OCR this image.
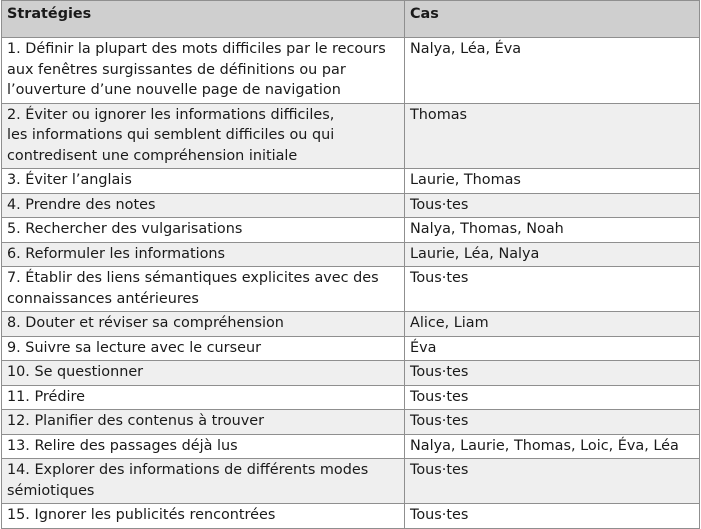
Stratégies	Cas
1. Définir la plupart des mots difficiles par le recours
aux fenêtres surgissantes de définitions ou par
l’ouverture d’une nouvelle page de navigation	Nalya, Léa, Éva
2. Éviter ou ignorer les informations difficiles,
les informations qui semblent difficiles ou qui
contredisent une compréhension initiale	Thomas
3. Éviter l’anglais	Laurie, Thomas
4. Prendre des notes	Tous·tes
5. Rechercher des vulgarisations	Nalya, Thomas, Noah
6. Reformuler les informations	Laurie, Léa, Nalya
7. Établir des liens sémantiques explicites avec des
connaissances antérieures	Tous·tes
8. Douter et réviser sa compréhension	Alice, Liam
9. Suivre sa lecture avec le curseur	Éva
10. Se questionner	Tous·tes
11. Prédire	Tous·tes
12. Planifier des contenus à trouver	Tous·tes
13. Relire des passages déjà lus	Nalya, Laurie, Thomas, Loic, Éva, Léa
14. Explorer des informations de différents modes
sémiotiques	Tous·tes
15. Ignorer les publicités rencontrées	Tous·tes
